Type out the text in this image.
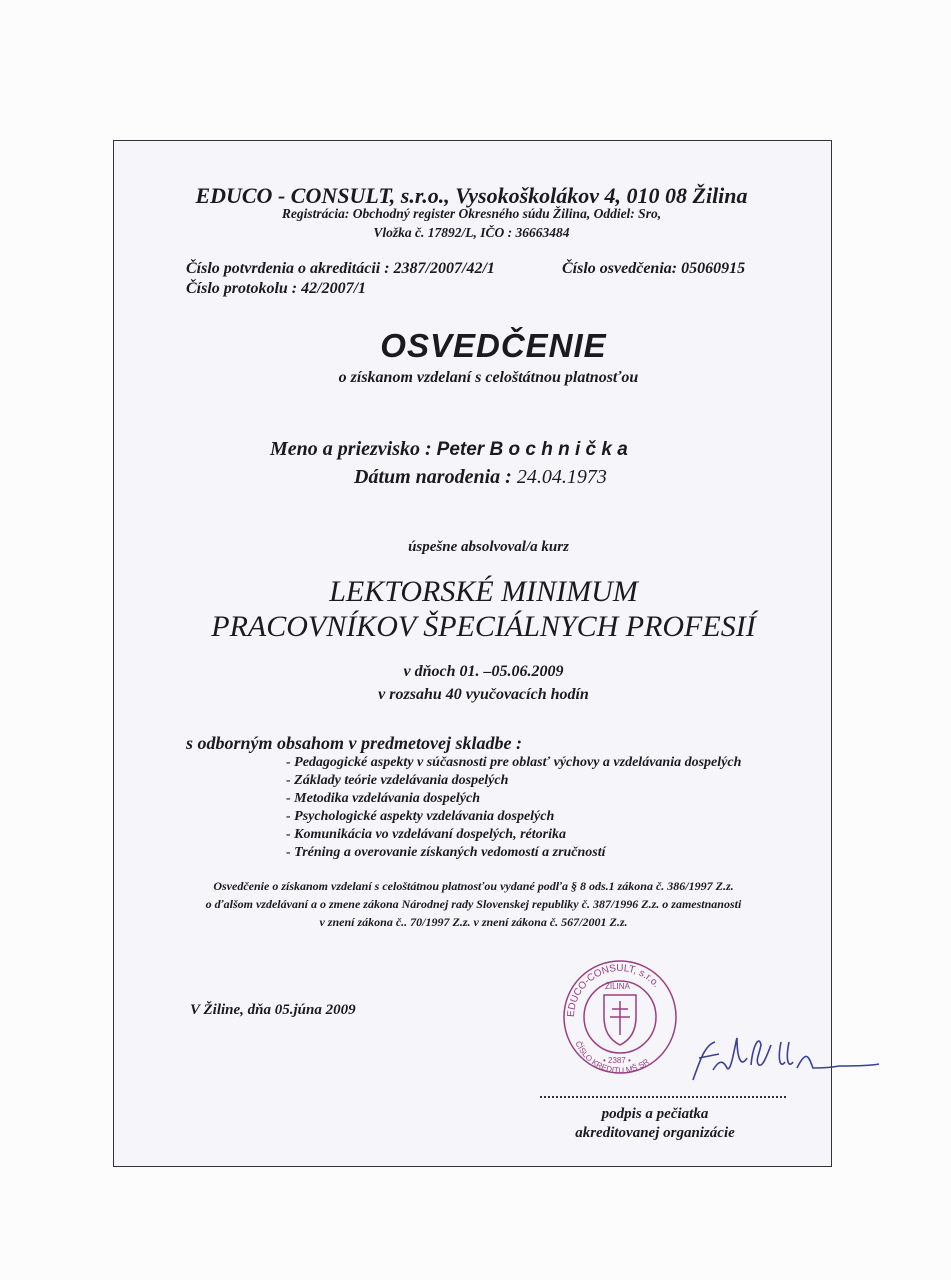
EDUCO - CONSULT, s.r.o., Vysokoškolákov 4, 010 08 Žilina
Registrácia: Obchodný register Okresného súdu Žilina, Oddiel: Sro,
Vložka č. 17892/L, IČO : 36663484
Číslo potvrdenia o akreditácii : 2387/2007/42/1	Číslo osvedčenia: 05060915
Číslo protokolu : 42/2007/1
OSVEDČENIE
o získanom vzdelaní s celoštátnou platnosťou
Meno a priezvisko : Peter B o c h n i č k a
Dátum narodenia : 24.04.1973
úspešne absolvoval/a kurz
LEKTORSKÉ MINIMUM
PRACOVNÍKOV ŠPECIÁLNYCH PROFESIÍ
v dňoch 01. –05.06.2009
v rozsahu 40 vyučovacích hodín
s odborným obsahom v predmetovej skladbe :
- Pedagogické aspekty v súčasnosti pre oblasť výchovy a vzdelávania dospelých
- Základy teórie vzdelávania dospelých
- Metodika vzdelávania dospelých
- Psychologické aspekty vzdelávania dospelých
- Komunikácia vo vzdelávaní dospelých, rétorika
- Tréning a overovanie získaných vedomostí a zručností
Osvedčenie o získanom vzdelaní s celoštátnou platnosťou vydané podľa § 8 ods.1 zákona č. 386/1997 Z.z.
o ďalšom vzdelávaní a o zmene zákona Národnej rady Slovenskej republiky č. 387/1996 Z.z. o zamestnanosti
v znení zákona č.. 70/1997 Z.z. v znení zákona č. 567/2001 Z.z.
V Žiline, dňa 05.júna 2009	EDUCO-CONSULT, s.r.o.
ŽILINA
• 2387 •
ČÍSLO KREDITU MŠ SR
podpis a pečiatka
akreditovanej organizácie
